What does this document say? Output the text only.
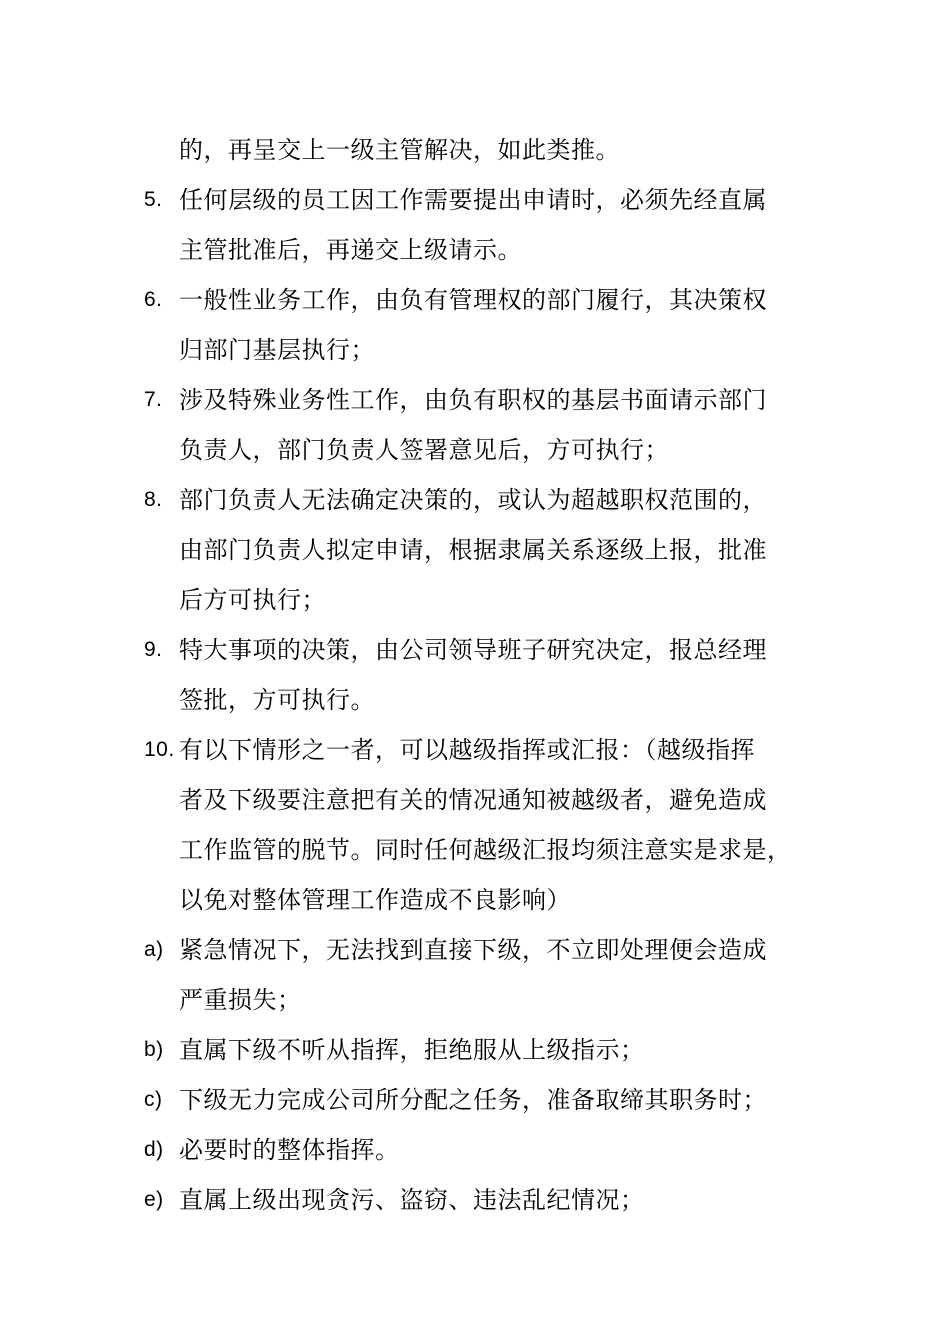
的，再呈交上一级主管解决，如此类推。
5. 任何层级的员工因工作需要提出申请时，必须先经直属
主管批准后，再递交上级请示。
6. 一般性业务工作，由负有管理权的部门履行，其决策权
归部门基层执行；
7. 涉及特殊业务性工作，由负有职权的基层书面请示部门
负责人，部门负责人签署意见后，方可执行；
8. 部门负责人无法确定决策的，或认为超越职权范围的，
由部门负责人拟定申请，根据隶属关系逐级上报，批准
后方可执行；
9. 特大事项的决策，由公司领导班子研究决定，报总经理
签批，方可执行。
10. 有以下情形之一者，可以越级指挥或汇报：（越级指挥
者及下级要注意把有关的情况通知被越级者，避免造成
工作监管的脱节。同时任何越级汇报均须注意实是求是，
以免对整体管理工作造成不良影响）
a) 紧急情况下，无法找到直接下级，不立即处理便会造成
严重损失；
b) 直属下级不听从指挥，拒绝服从上级指示；
c) 下级无力完成公司所分配之任务，准备取缔其职务时；
d) 必要时的整体指挥。
e) 直属上级出现贪污、盗窃、违法乱纪情况；
